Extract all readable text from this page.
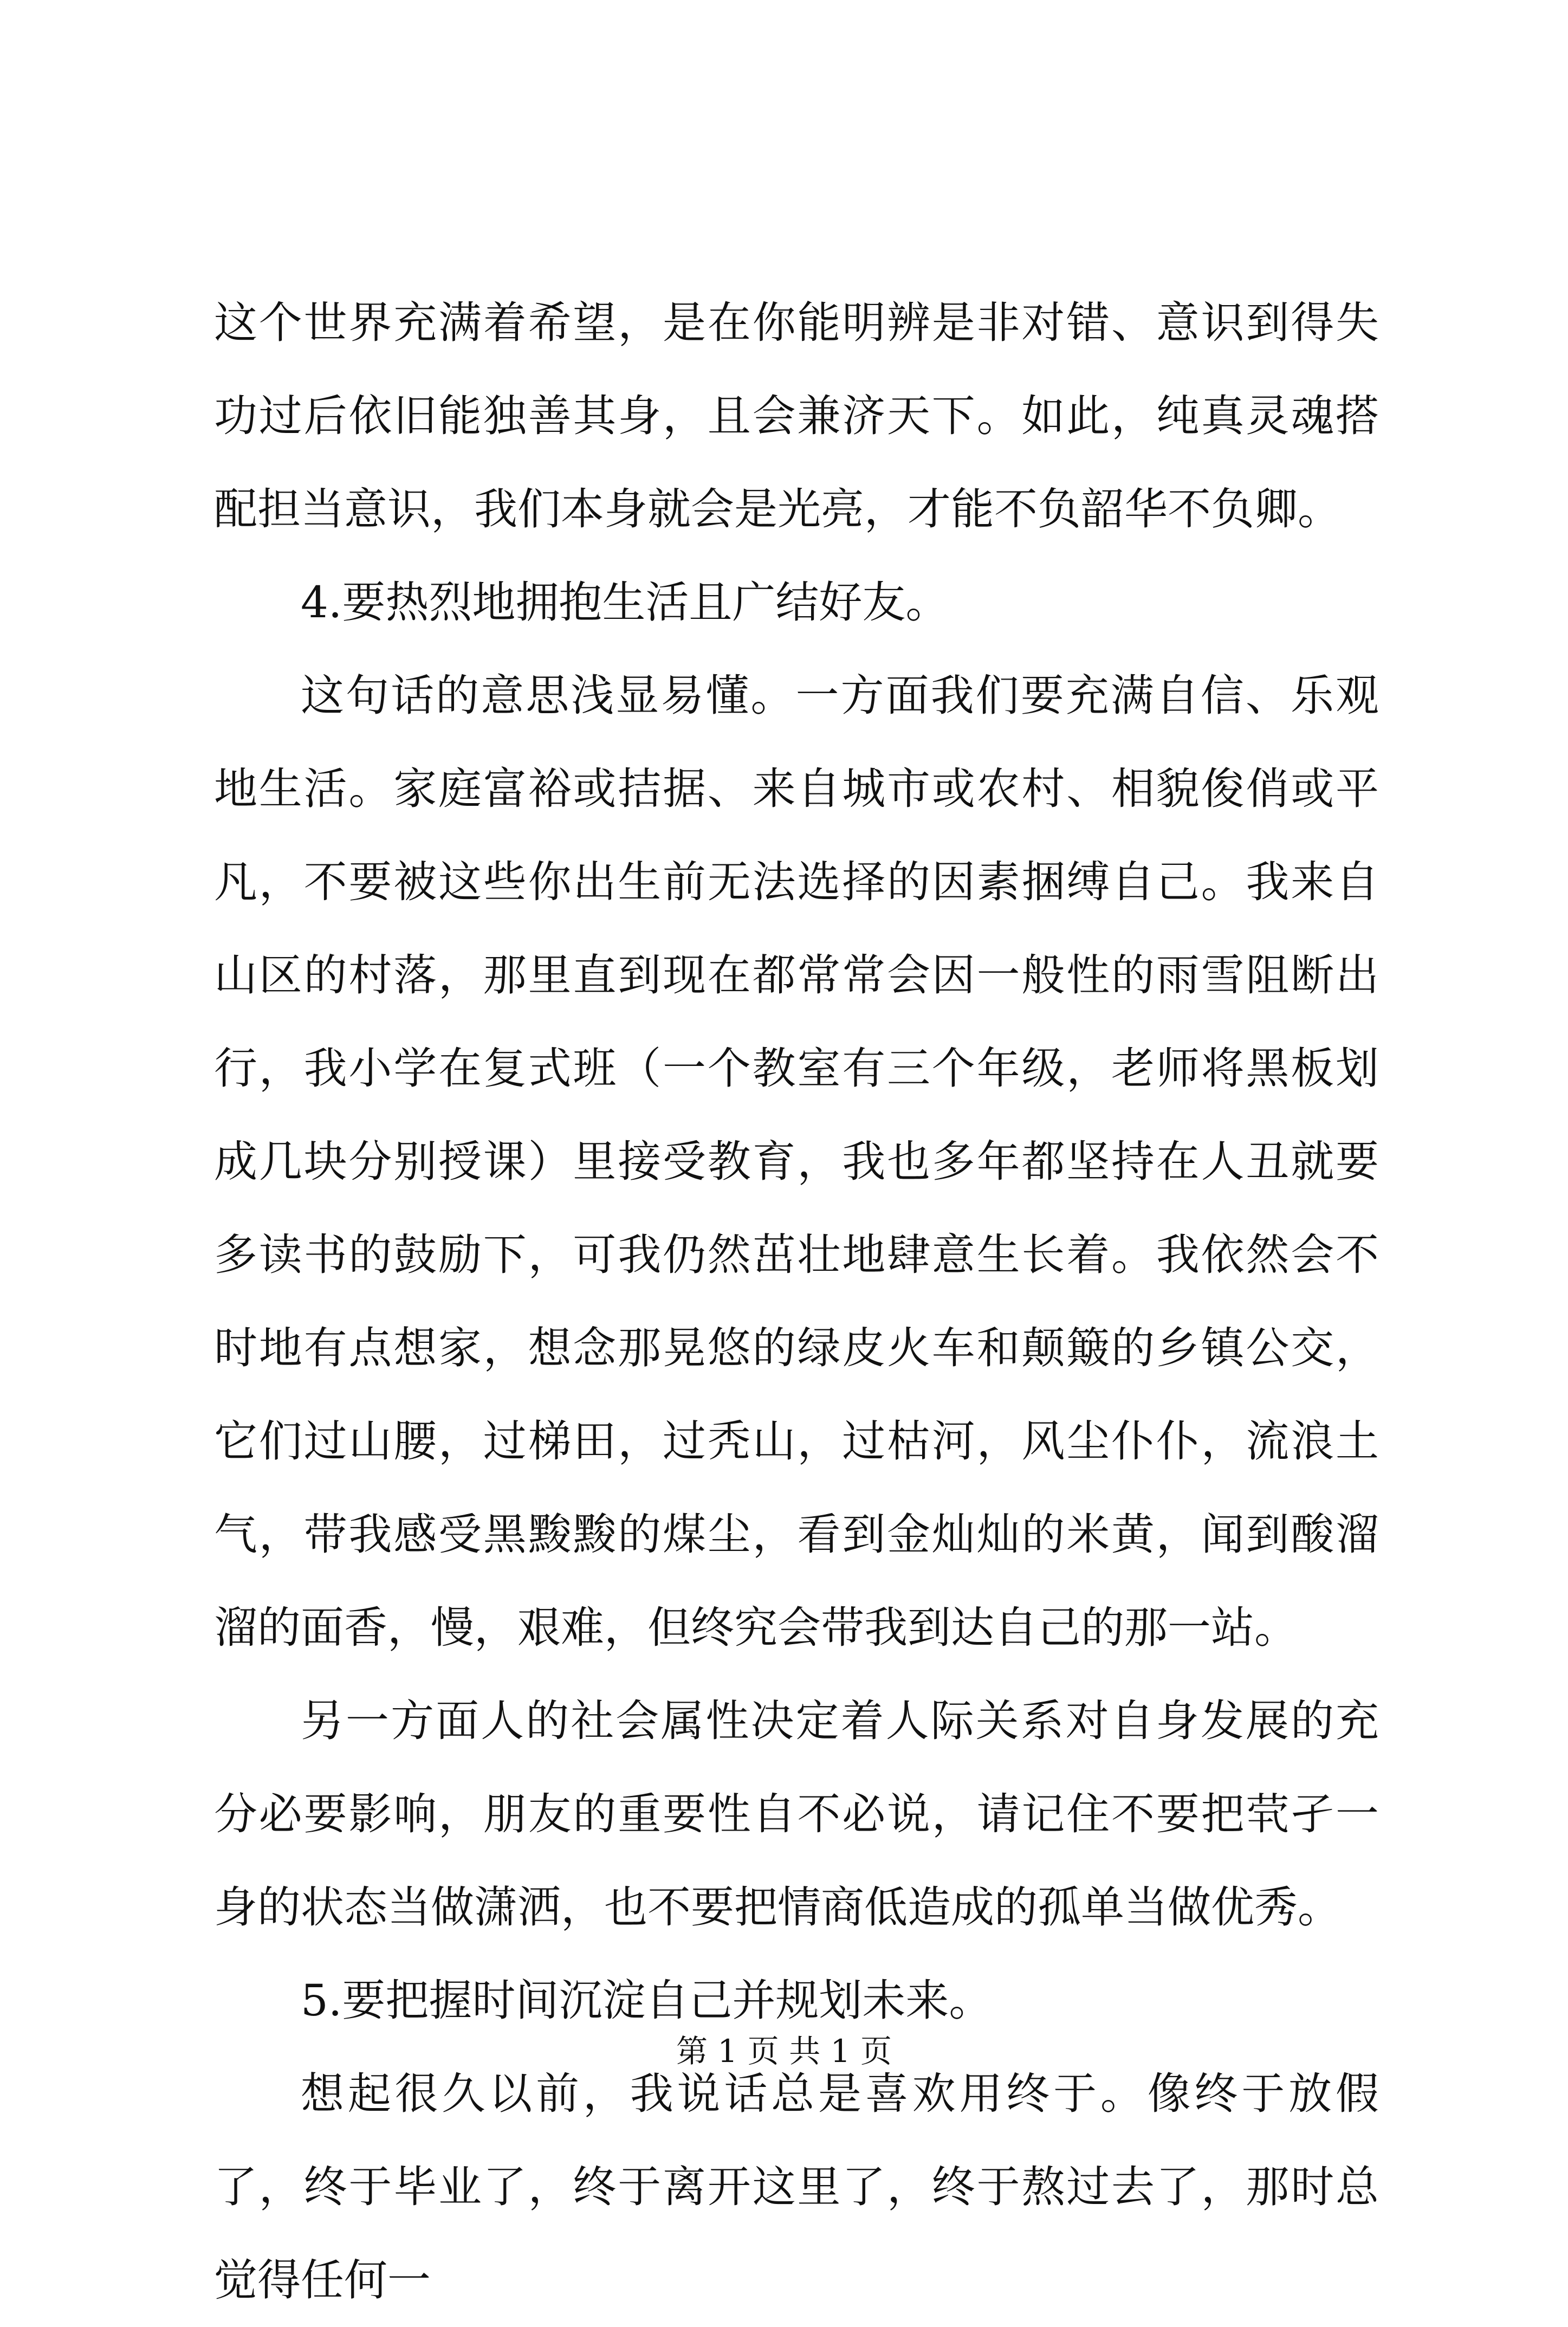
这个世界充满着希望，是在你能明辨是非对错、意识到得失功过后依旧能独善其身，且会兼济天下。如此，纯真灵魂搭配担当意识，我们本身就会是光亮，才能不负韶华不负卿。

4.要热烈地拥抱生活且广结好友。

这句话的意思浅显易懂。一方面我们要充满自信、乐观地生活。家庭富裕或拮据、来自城市或农村、相貌俊俏或平凡，不要被这些你出生前无法选择的因素捆缚自己。我来自山区的村落，那里直到现在都常常会因一般性的雨雪阻断出行，我小学在复式班（一个教室有三个年级，老师将黑板划成几块分别授课）里接受教育，我也多年都坚持在人丑就要多读书的鼓励下，可我仍然茁壮地肆意生长着。我依然会不时地有点想家，想念那晃悠的绿皮火车和颠簸的乡镇公交，它们过山腰，过梯田，过秃山，过枯河，风尘仆仆，流浪土气，带我感受黑黢黢的煤尘，看到金灿灿的米黄，闻到酸溜溜的面香，慢，艰难，但终究会带我到达自己的那一站。

另一方面人的社会属性决定着人际关系对自身发展的充分必要影响，朋友的重要性自不必说，请记住不要把茕孑一身的状态当做潇洒，也不要把情商低造成的孤单当做优秀。

5.要把握时间沉淀自己并规划未来。

想起很久以前，我说话总是喜欢用终于。像终于放假了，终于毕业了，终于离开这里了，终于熬过去了，那时总觉得任何一

第 1 页 共 1 页
